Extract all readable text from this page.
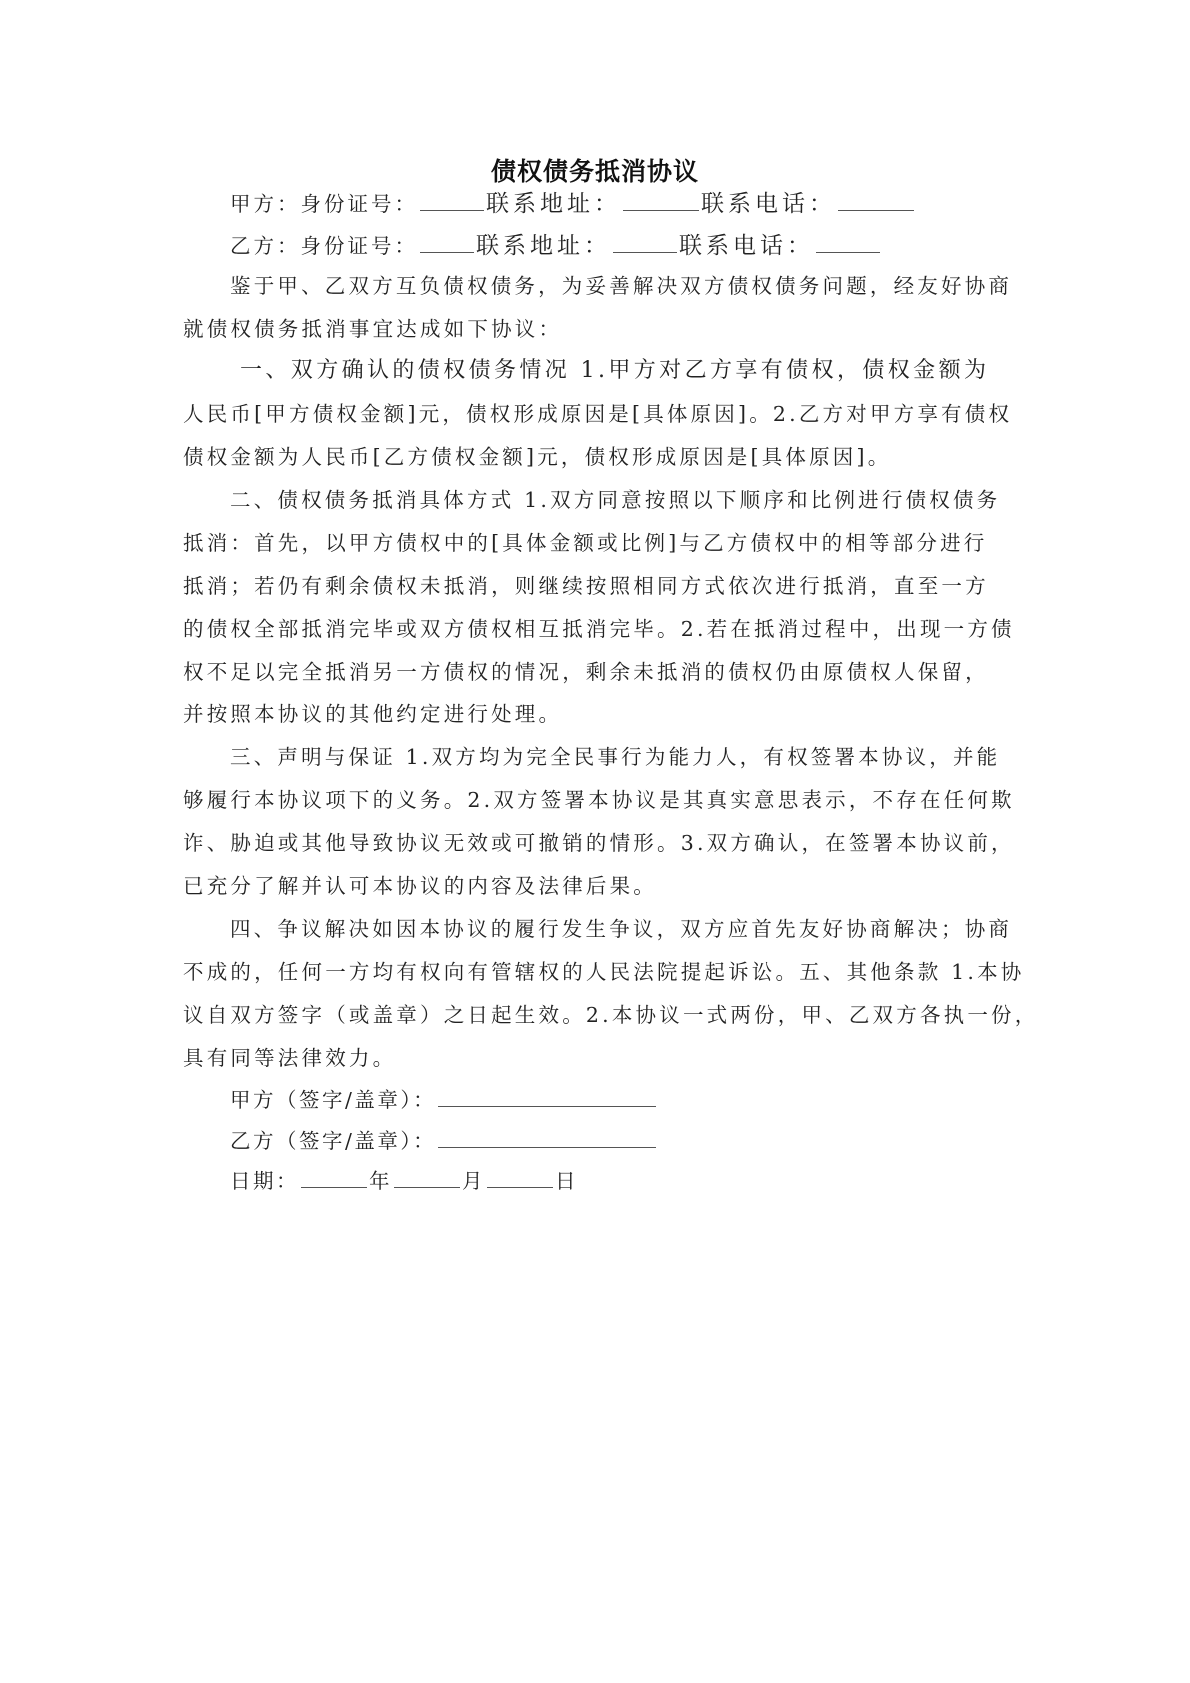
债权债务抵消协议
甲方：身份证号：	联系地址：	联系电话：
乙方：身份证号：	联系地址：	联系电话：
鉴于甲、乙双方互负债权债务，为妥善解决双方债权债务问题，经友好协商
就债权债务抵消事宜达成如下协议：
一、双方确认的债权债务情况 1.甲方对乙方享有债权，债权金额为
人民币[甲方债权金额]元，债权形成原因是[具体原因]。2.乙方对甲方享有债权
债权金额为人民币[乙方债权金额]元，债权形成原因是[具体原因]。
二、债权债务抵消具体方式 1.双方同意按照以下顺序和比例进行债权债务
抵消：首先，以甲方债权中的[具体金额或比例]与乙方债权中的相等部分进行
抵消；若仍有剩余债权未抵消，则继续按照相同方式依次进行抵消，直至一方
的债权全部抵消完毕或双方债权相互抵消完毕。2.若在抵消过程中，出现一方债
权不足以完全抵消另一方债权的情况，剩余未抵消的债权仍由原债权人保留，
并按照本协议的其他约定进行处理。
三、声明与保证 1.双方均为完全民事行为能力人，有权签署本协议，并能
够履行本协议项下的义务。2.双方签署本协议是其真实意思表示，不存在任何欺
诈、胁迫或其他导致协议无效或可撤销的情形。3.双方确认，在签署本协议前，
已充分了解并认可本协议的内容及法律后果。
四、争议解决如因本协议的履行发生争议，双方应首先友好协商解决；协商
不成的，任何一方均有权向有管辖权的人民法院提起诉讼。五、其他条款 1.本协
议自双方签字（或盖章）之日起生效。2.本协议一式两份，甲、乙双方各执一份，
具有同等法律效力。
甲方（签字/盖章）：
乙方（签字/盖章）：
日期：	年	月	日
